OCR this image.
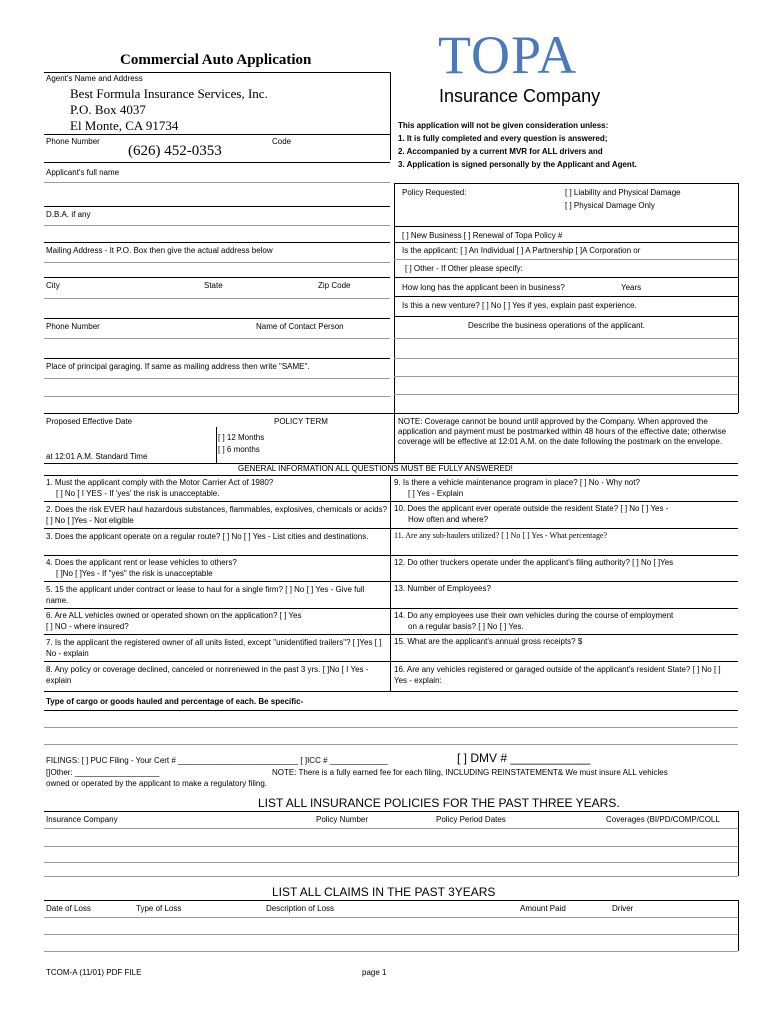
Commercial Auto Application TOPA
Insurance Company
Agent's Name and Address
Best Formula Insurance Services, Inc.
P.O. Box 4037
El Monte, CA 91734
Phone Number	Code
(626) 452-0353
This application will not be given consideration unless:
1. It is fully completed and every question is answered;
2. Accompanied by a current MVR for ALL drivers and
3. Application is signed personally by the Applicant and Agent.
Applicant's full name
D.B.A. if any
Mailing Address - It P.O. Box then give the actual address below
City	State	Zip Code
Phone Number	Name of Contact Person
Place of principal garaging. If same as mailing address then write "SAME".
Policy Requested:	[ ] Liability and Physical Damage
[ ] Physical Damage Only
[ ] New Business [ ] Renewal of Topa Policy #
Is the applicant: [ ] An Individual [ ] A Partnership [ ]A Corporation or
[ ] Other - If Other please specify:
How long has the applicant been in business?	Years
Is this a new venture? [ ] No [ ] Yes if yes, explain past experience.
Describe the business operations of the applicant.
Proposed Effective Date
at 12:01 A.M. Standard Time
POLICY TERM
[ ] 12 Months
[ ] 6 months
NOTE: Coverage cannot be bound until approved by the Company. When approved the application and payment must be postmarked within 48 hours of the effective date; otherwise coverage will be effective at 12:01 A.M. on the date following the postmark on the envelope.
GENERAL INFORMATION ALL QUESTIONS MUST BE FULLY ANSWERED!
1. Must the applicant comply with the Motor Carrier Act of 1980?
[ ] No [ I YES - If 'yes' the risk is unacceptable.
9. Is there a vehicle maintenance program in place? [ ] No - Why not?
[ ] Yes - Explain
2. Does the risk EVER haul hazardous substances, flammables, explosives, chemicals or acids? [ ] No [ ]Yes - Not eligible
10. Does the applicant ever operate outside the resident State? [ ] No [ ] Yes -
How often and where?
3. Does the applicant operate on a regular route? [ ] No [ ] Yes - List cities and destinations.	11. Are any sub-haulers utilized? [ ] No [ ] Yes - What percentage?
4. Does the applicant rent or lease vehicles to others?
[ ]No [ ]Yes - If "yes" the risk is unacceptable
12. Do other truckers operate under the applicant's filing authority? [ ] No [ ]Yes
5. 15 the applicant under contract or lease to haul for a single firm? [ ] No [ ] Yes - Give full name.
13. Number of Employees?
6. Are ALL vehicles owned or operated shown on the application? [ ] Yes
[ ] NO - where insured?
14. Do any employees use their own vehicles during the course of employment
on a regular basis? [ ] No [ ] Yes.
7. Is the applicant the registered owner of all units listed, except "unidentified trailers"? [ ]Yes [ ] No - explain
15. What are the applicant's annual gross receipts? $
8. Any policy or coverage declined, canceled or nonrenewed in the past 3 yrs. [ ]No [ I Yes - explain
16. Are any vehicles registered or garaged outside of the applicant's resident State? [ ] No [ ] Yes - explain:
Type of cargo or goods hauled and percentage of each. Be specific-
FILINGS: [ ] PUC Filing - Your Cert # ___________________________ [ ]ICC # _____________	[ ] DMV # ____________
[]Other: ___________________	NOTE: There is a fully earned fee for each filing, INCLUDING REINSTATEMENT& We must insure ALL vehicles
owned or operated by the applicant to make a regulatory filing.
LIST ALL INSURANCE POLICIES FOR THE PAST THREE YEARS.
Insurance Company	Policy Number	Policy Period Dates	Coverages (BI/PD/COMP/COLL
LIST ALL CLAIMS IN THE PAST 3YEARS
Date of Loss	Type of Loss	Description of Loss	Amount Paid	Driver
TCOM-A (11/01) PDF FILE	page 1
